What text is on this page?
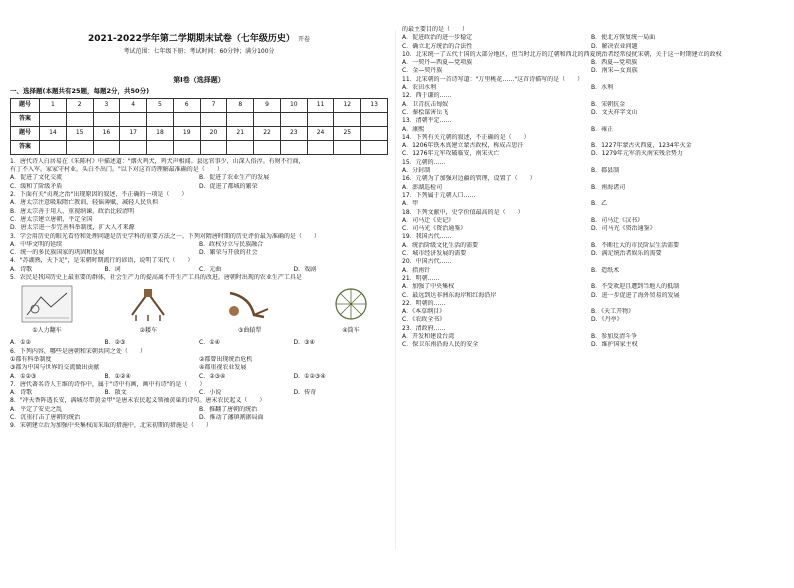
2021-2022学年第二学期期末试卷（七年级历史） 开卷
考试范围：七年级下册；考试时间：60分钟；满分100分
第Ⅰ卷（选择题）
一、选择题(本题共有25题，每题2分，共50分)
题号	1	2	3	4	5	6	7	8	9	10	11	12	13
答案													
题号	14	15	16	17	18	19	20	21	22	23	24	25	
答案													

1．唐代诗人白居易在《朱陈村》中描述道："烟火鸡犬，鸡犬声相闻。县远官事少，山深人俗淳。有财不行商，

有丁不入军。家家守村业，头白不出门。"以下对这首诗理解最准确的是（　　）

A．促进了文化交流	B．促进了农业生产的发展
C．缓和了阶级矛盾	D．促进了都城的繁荣

2．下面有关"贞观之治"出现原因的叙述，不正确的一项是（　　）

A．唐太宗注意吸取隋亡教训，轻徭薄赋，减轻人民负担

B．唐太宗善于用人，重视纳谏，政治比较清明

C．唐太宗建立唐朝，平定全国

D．唐太宗进一步完善科举制度，扩大人才来源

3．学会用历史的眼光看待和处理问题是历史学科的重要方法之一。下列对隋唐时期的历史评价最为准确的是（　　）

A．中华文明的延续	B．政权分立与民族融合
C．统一的多民族国家的巩固和发展	D．繁荣与开放的社会

4．"苏湖熟，天下足"，是宋朝时期流行的谚语，说明了宋代（　　）

A．诗歌	B．词	C．元曲	D．戏剧

5．农民是我国历史上最重要的群体，社会生产力的提高离不开生产工具的改进。唐朝时出现的农业生产工具是

①人力翻车	②耧车	③曲辕犁	④筒车
A．①②	B．②③	C．①④	D．③④

6．下列内容，哪些是唐朝和宋朝共同之处（　　）

①都有科举制度	②都曾出现统治危机
③都为中国与世界的交流做出贡献	④都重视农业发展
A．①②③	B．①②④	C．②③④	D．①②③④

7．唐代著名诗人王维的诗作中，属于"诗中有画，画中有诗"的是（　　）

A．诗歌	B．散文	C．小说	D．传奇

8．"冲天香阵透长安，满城尽带黄金甲"是唐末农民起义领袖黄巢的诗句。唐末农民起义（　　）

A．平定了安史之乱	B．推翻了唐朝的统治
C．沉重打击了唐朝的统治	D．推动了藩镇割据局面

9．宋朝建立后为加强中央集权而采取的措施中，北宋初期的措施是（　　）

的最主要目的是（　　）

A．促进政治的进一步稳定	B．使北方恢复统一局面
C．确立北方统治的合法性	D．解决农业问题
10．北宋统一了五代十国的大部分地区，但当时北方的辽朝和西北的西夏统治者经常侵扰宋朝，关于这一时期建立的政权
A．一契丹—西夏—党项族	B．西夏—党项族
C．金—契丹族	D．南宋—女真族
11．北宋朝的一首诗写道："万里桃花……"这首诗描写的是（　　）
A．农田水利	B．水利
12．西于谦的……
A．卫青抗击匈奴	B．宋朝抗金
C．秦桧谋害岳飞	D．文天祥字文山
13．清朝平定……
A．康熙	B．雍正
14．下列有关元朝的叙述，不正确的是（　　）
A．1206年铁木真建立蒙古政权，称成吉思汗	B．1227年蒙古灭西夏，1234年灭金
C．1276年元军攻破临安，南宋灭亡	D．1279年元军消灭南宋残余势力
15．元朝的……
A．分封制	B．郡县制
16．元朝为了加强对边疆的管理，设置了（　　）
A．澎湖巡检司	B．南海诸司
17．下列属于元朝人口……
A．甲	B．乙
18．下列文献中，史学价值最高的是（　　）
A．司马迁《史记》	B．司马迁《汉书》
C．司马光《资治通鉴》	D．司马光《资治通鉴》
19．我国古代……
A．统治阶级文化生活的需要	B．不断壮大的市民阶层生活需要
C．城市经济发展的需要	D．满足统治者娱乐的需要
20．中国古代……
A．指南针	B．造纸术
21．明朝……
A．加强了中央集权	B．不受欢迎且遭到当地人的抵制
C．最远到达非洲东海岸和红海沿岸	D．进一步促进了海外贸易的发展
22．明朝的……
A．《本草纲目》	B．《天工开物》
C．《农政全书》	D．《丹亭》
23．清政府……
A．开发和建设台湾	B．参加反清斗争
C．保卫东南沿海人民的安全	D．维护国家主权
